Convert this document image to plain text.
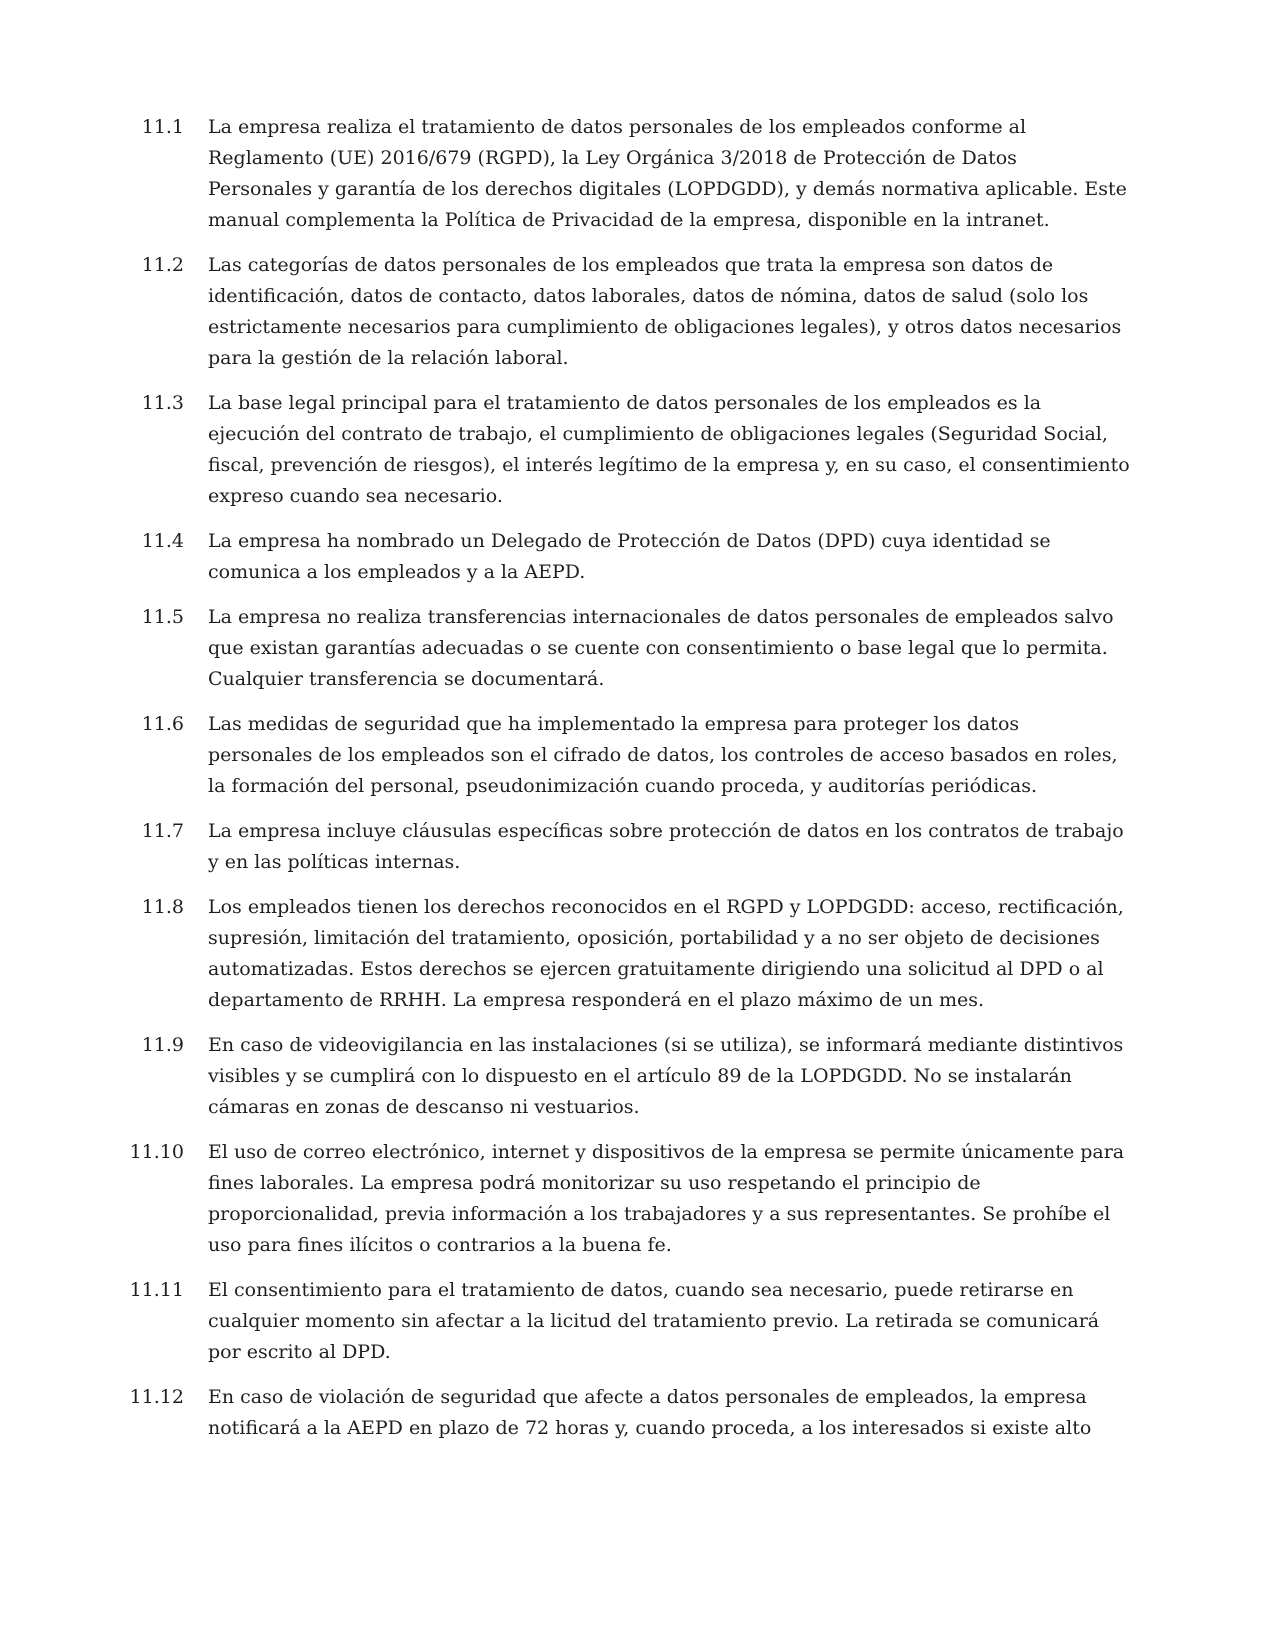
11.1 La empresa realiza el tratamiento de datos personales de los empleados conforme al
Reglamento (UE) 2016/679 (RGPD), la Ley Orgánica 3/2018 de Protección de Datos
Personales y garantía de los derechos digitales (LOPDGDD), y demás normativa aplicable. Este
manual complementa la Política de Privacidad de la empresa, disponible en la intranet.
11.2 Las categorías de datos personales de los empleados que trata la empresa son datos de
identificación, datos de contacto, datos laborales, datos de nómina, datos de salud (solo los
estrictamente necesarios para cumplimiento de obligaciones legales), y otros datos necesarios
para la gestión de la relación laboral.
11.3 La base legal principal para el tratamiento de datos personales de los empleados es la
ejecución del contrato de trabajo, el cumplimiento de obligaciones legales (Seguridad Social,
fiscal, prevención de riesgos), el interés legítimo de la empresa y, en su caso, el consentimiento
expreso cuando sea necesario.
11.4 La empresa ha nombrado un Delegado de Protección de Datos (DPD) cuya identidad se
comunica a los empleados y a la AEPD.
11.5 La empresa no realiza transferencias internacionales de datos personales de empleados salvo
que existan garantías adecuadas o se cuente con consentimiento o base legal que lo permita.
Cualquier transferencia se documentará.
11.6 Las medidas de seguridad que ha implementado la empresa para proteger los datos
personales de los empleados son el cifrado de datos, los controles de acceso basados en roles,
la formación del personal, pseudonimización cuando proceda, y auditorías periódicas.
11.7 La empresa incluye cláusulas específicas sobre protección de datos en los contratos de trabajo
y en las políticas internas.
11.8 Los empleados tienen los derechos reconocidos en el RGPD y LOPDGDD: acceso, rectificación,
supresión, limitación del tratamiento, oposición, portabilidad y a no ser objeto de decisiones
automatizadas. Estos derechos se ejercen gratuitamente dirigiendo una solicitud al DPD o al
departamento de RRHH. La empresa responderá en el plazo máximo de un mes.
11.9 En caso de videovigilancia en las instalaciones (si se utiliza), se informará mediante distintivos
visibles y se cumplirá con lo dispuesto en el artículo 89 de la LOPDGDD. No se instalarán
cámaras en zonas de descanso ni vestuarios.
11.10 El uso de correo electrónico, internet y dispositivos de la empresa se permite únicamente para
fines laborales. La empresa podrá monitorizar su uso respetando el principio de
proporcionalidad, previa información a los trabajadores y a sus representantes. Se prohíbe el
uso para fines ilícitos o contrarios a la buena fe.
11.11 El consentimiento para el tratamiento de datos, cuando sea necesario, puede retirarse en
cualquier momento sin afectar a la licitud del tratamiento previo. La retirada se comunicará
por escrito al DPD.
11.12 En caso de violación de seguridad que afecte a datos personales de empleados, la empresa
notificará a la AEPD en plazo de 72 horas y, cuando proceda, a los interesados si existe alto
